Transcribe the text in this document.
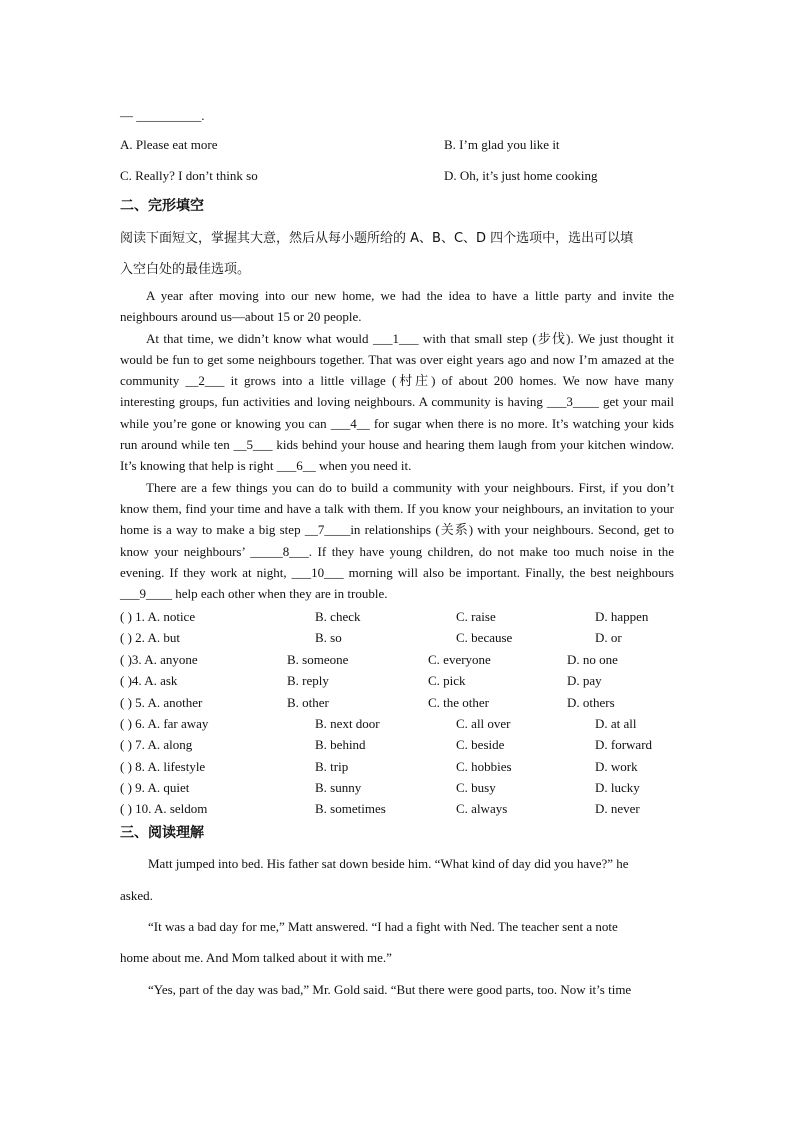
— __________.
A. Please eat more	B. I’m glad you like it
C. Really? I don’t think so	D. Oh, it’s just home cooking
二、完形填空
阅读下面短文，掌握其大意，然后从每小题所给的 A、B、C、D 四个选项中，选出可以填
入空白处的最佳选项。

A year after moving into our new home, we had the idea to have a little party and invite the neighbours around us—about 15 or 20 people.

At that time, we didn’t know what would ___1___ with that small step (步伐). We just thought it would be fun to get some neighbours together. That was over eight years ago and now I’m amazed at the community __2___ it grows into a little village (村庄) of about 200 homes. We now have many interesting groups, fun activities and loving neighbours. A community is having ___3____ get your mail while you’re gone or knowing you can ___4__ for sugar when there is no more. It’s watching your kids run around while ten __5___ kids behind your house and hearing them laugh from your kitchen window. It’s knowing that help is right ___6__ when you need it.

There are a few things you can do to build a community with your neighbours. First, if you don’t know them, find your time and have a talk with them. If you know your neighbours, an invitation to your home is a way to make a big step __7____in relationships (关系) with your neighbours. Second, get to know your neighbours’ _____8___. If they have young children, do not make too much noise in the evening. If they work at night, ___10___ morning will also be important. Finally, the best neighbours ___9____ help each other when they are in trouble.

( ) 1. A. notice	B. check	C. raise	D. happen
( ) 2. A. but	B. so	C. because	D. or
( )3. A. anyone	B. someone	C. everyone	D. no one
( )4. A. ask	B. reply	C. pick	D. pay
( ) 5. A. another	B. other	C. the other	D. others
( ) 6. A. far away	B. next door	C. all over	D. at all
( ) 7. A. along	B. behind	C. beside	D. forward
( ) 8. A. lifestyle	B. trip	C. hobbies	D. work
( ) 9. A. quiet	B. sunny	C. busy	D. lucky
( ) 10. A. seldom	B. sometimes	C. always	D. never
三、阅读理解
Matt jumped into bed. His father sat down beside him. “What kind of day did you have?” he
asked.
“It was a bad day for me,” Matt answered. “I had a fight with Ned. The teacher sent a note
home about me. And Mom talked about it with me.”
“Yes, part of the day was bad,” Mr. Gold said. “But there were good parts, too. Now it’s time
